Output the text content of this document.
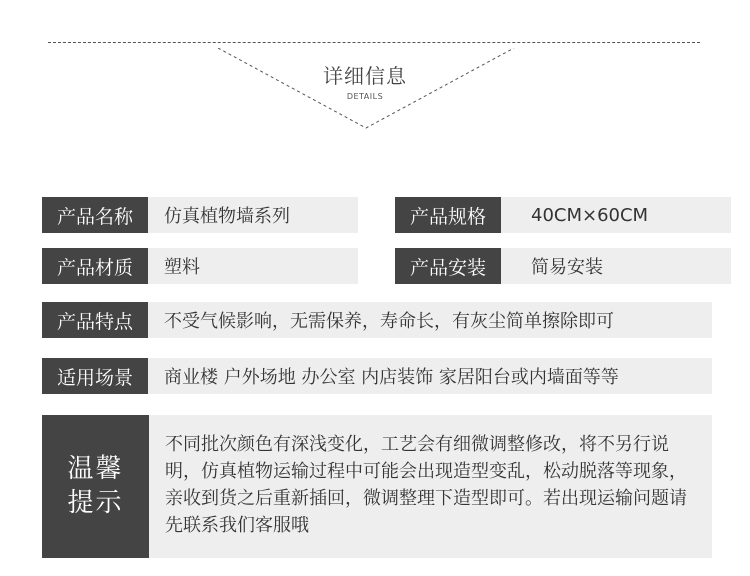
详细信息
DETAILS
产品名称	仿真植物墙系列	产品规格	40CM×60CM
产品材质	塑料	产品安装	简易安装
产品特点	不受气候影响，无需保养，寿命长，有灰尘简单擦除即可
适用场景	商业楼 户外场地 办公室 内店装饰 家居阳台或内墙面等等
温馨提示
不同批次颜色有深浅变化，工艺会有细微调整修改，将不另行说明，仿真植物运输过程中可能会出现造型变乱，松动脱落等现象，亲收到货之后重新插回，微调整理下造型即可。若出现运输问题请先联系我们客服哦
